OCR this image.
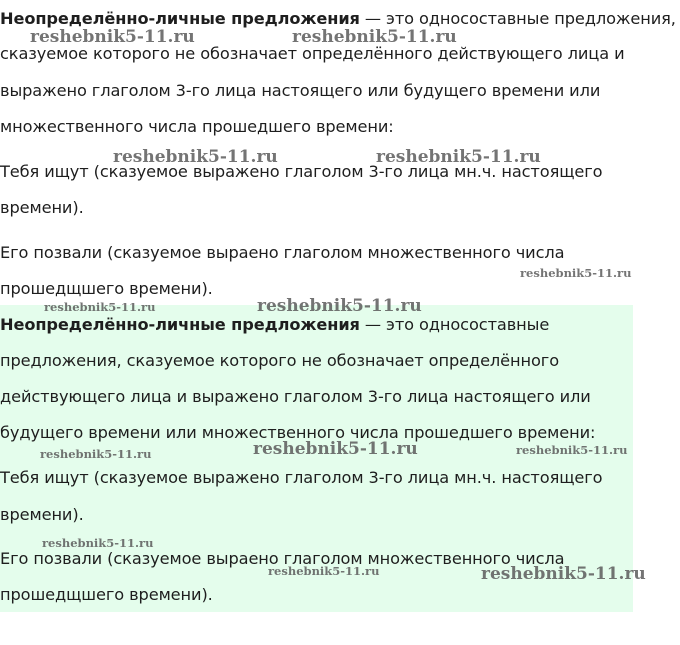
Неопределённо-личные предложения — это односоставные предложения,
сказуемое которого не обозначает определённого действующего лица и
выражено глаголом 3-го лица настоящего или будущего времени или
множественного числа прошедшего времени:
Тебя ищут (сказуемое выражено глаголом 3-го лица мн.ч. настоящего
времени).
Его позвали (сказуемое выраено глаголом множественного числа
прошедщшего времени).
Неопределённо-личные предложения — это односоставные
предложения, сказуемое которого не обозначает определённого
действующего лица и выражено глаголом 3-го лица настоящего или
будущего времени или множественного числа прошедшего времени:
Тебя ищут (сказуемое выражено глаголом 3-го лица мн.ч. настоящего
времени).
Его позвали (сказуемое выраено глаголом множественного числа
прошедщшего времени).
reshebnik5-11.ru	reshebnik5-11.ru
reshebnik5-11.ru	reshebnik5-11.ru
reshebnik5-11.ru
reshebnik5-11.ru	reshebnik5-11.ru
reshebnik5-11.ru	reshebnik5-11.ru	reshebnik5-11.ru
reshebnik5-11.ru
reshebnik5-11.ru	reshebnik5-11.ru
